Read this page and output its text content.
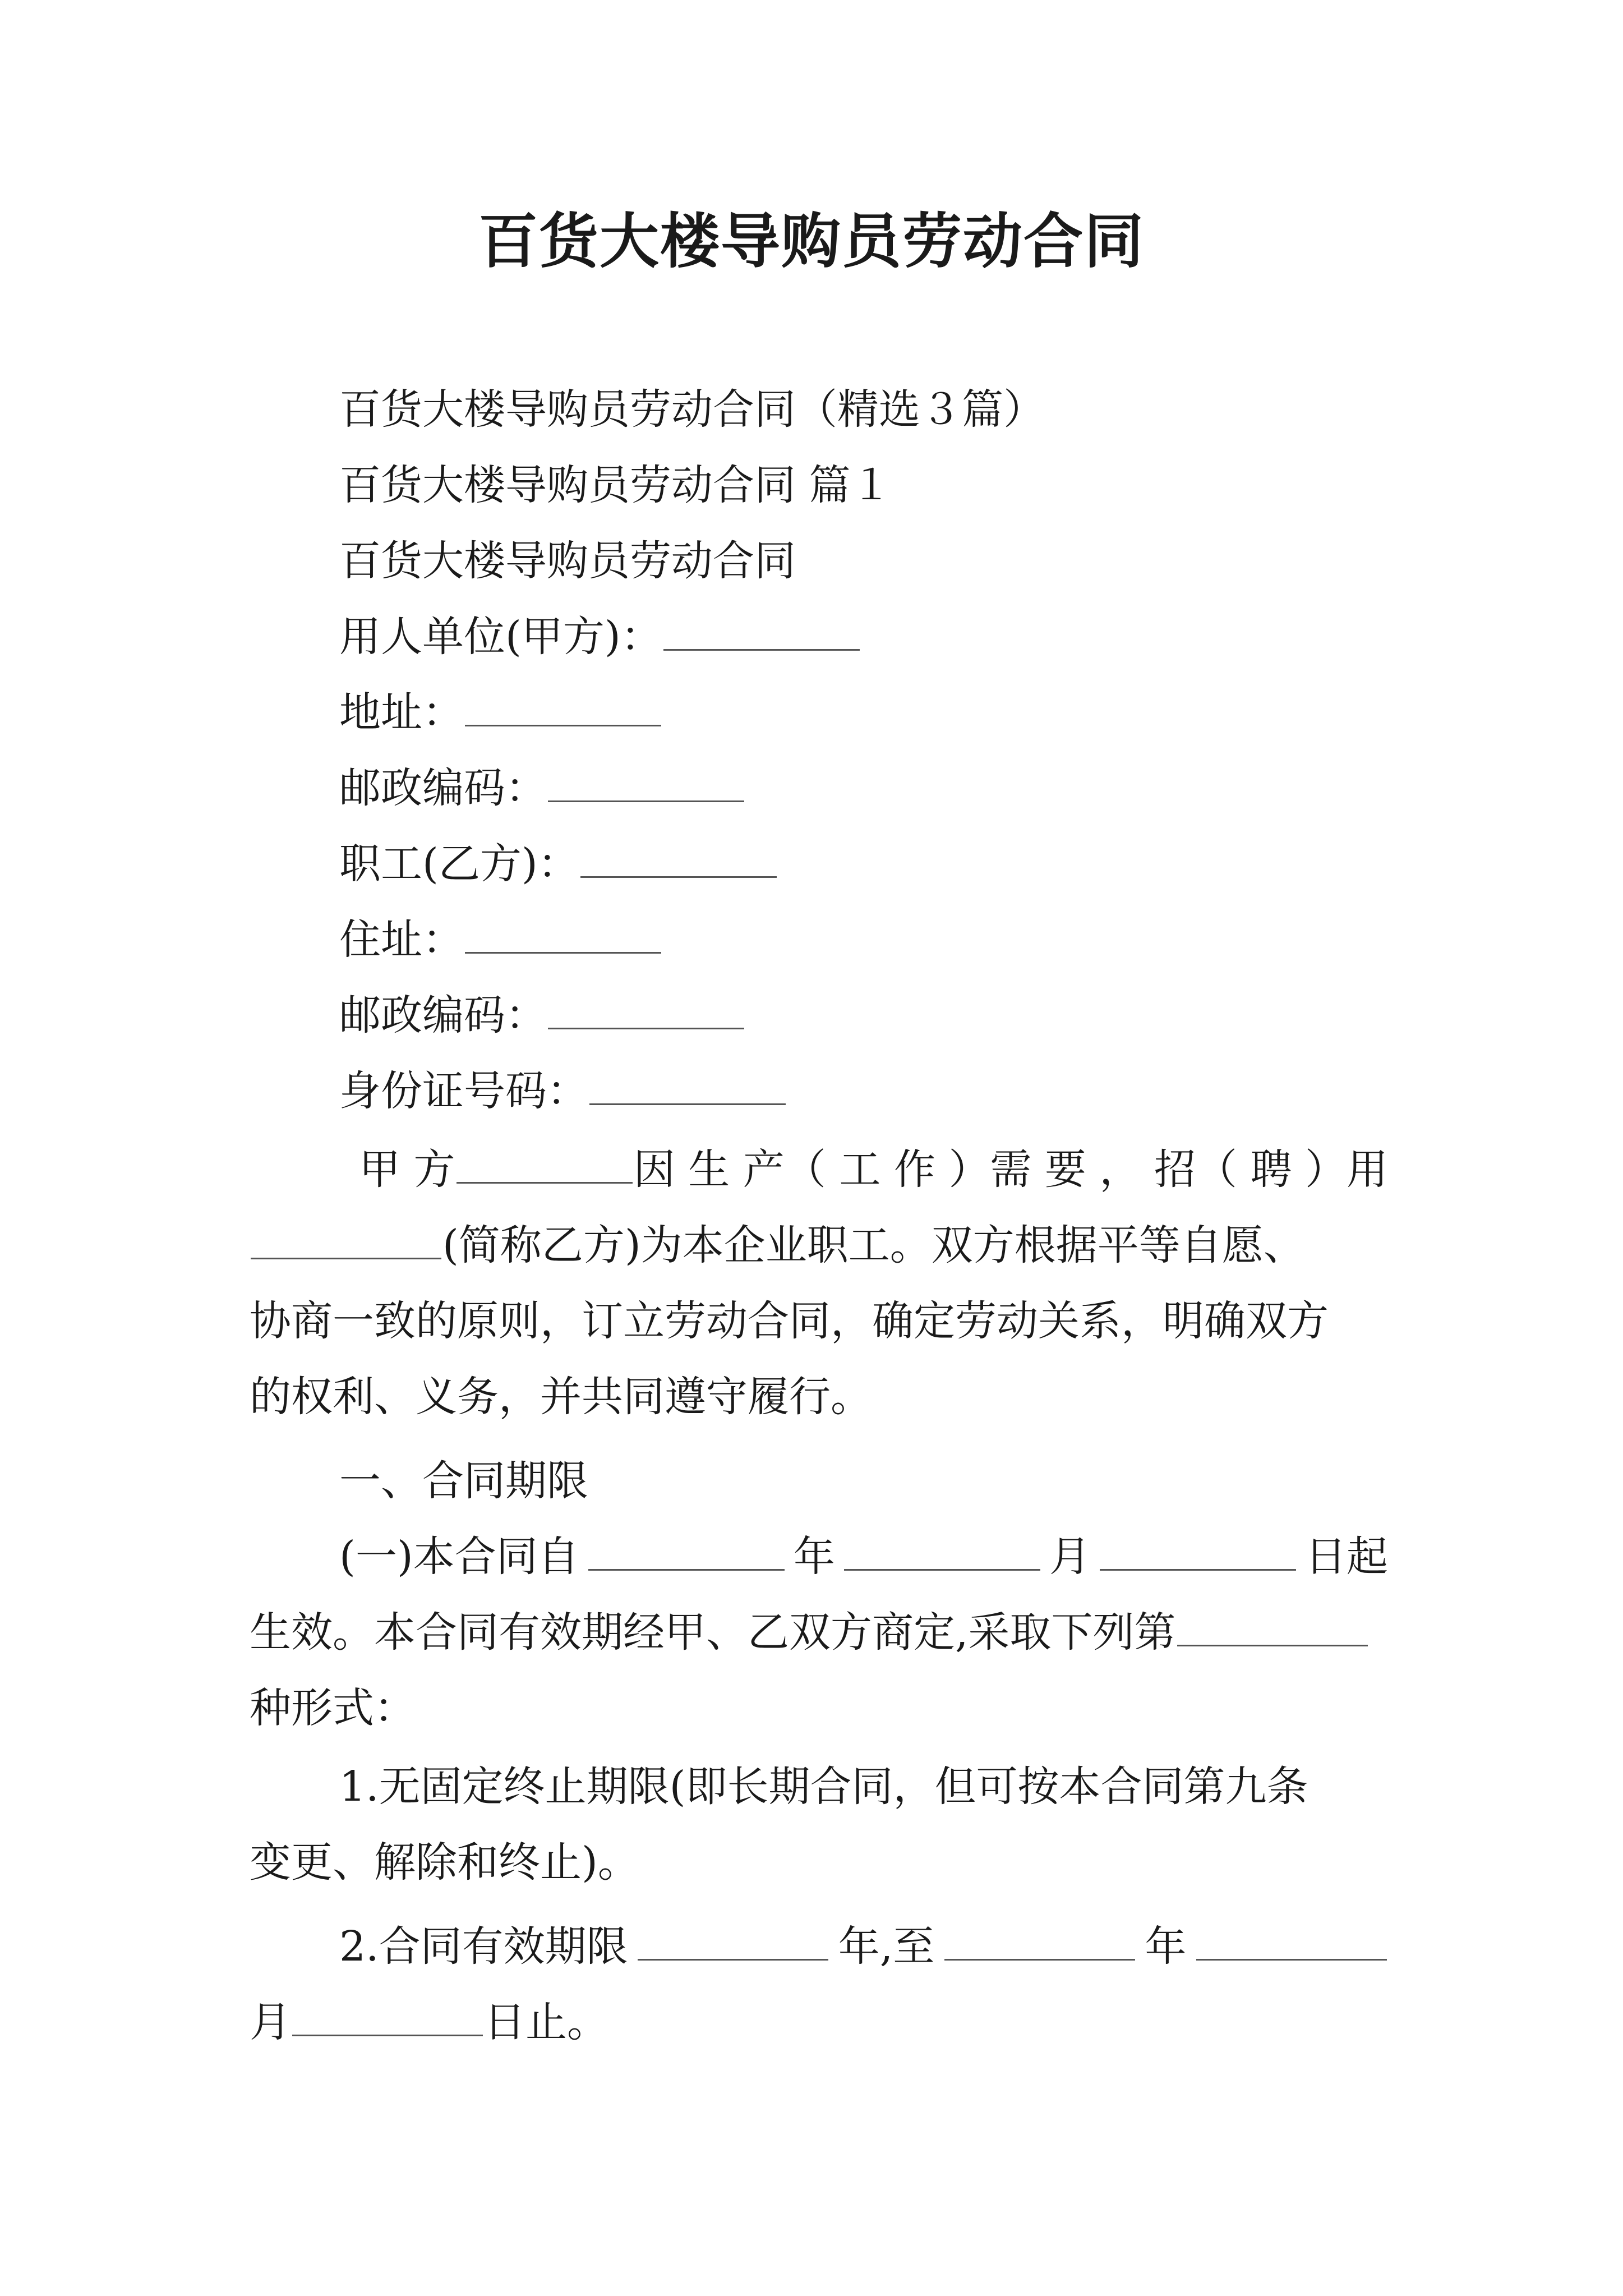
百货大楼导购员劳动合同
百货大楼导购员劳动合同（精选３篇）
百货大楼导购员劳动合同 篇１
百货大楼导购员劳动合同
用人单位(甲方)：
地址：
邮政编码：
职工(乙方)：
住址：
邮政编码：
身份证号码：
甲 方	因 生 产（ 工 作 ）需 要 ， 招（ 聘 ）用
(简称乙方)为本企业职工。双方根据平等自愿、
协商一致的原则，订立劳动合同，确定劳动关系，明确双方
的权利、义务，并共同遵守履行。
一、合同期限
(一)本合同自	年	月	日起
生效。本合同有效期经甲、乙双方商定,采取下列第
种形式：
1.无固定终止期限(即长期合同，但可按本合同第九条
变更、解除和终止)。
2.合同有效期限	年,至	年
月	日止。
